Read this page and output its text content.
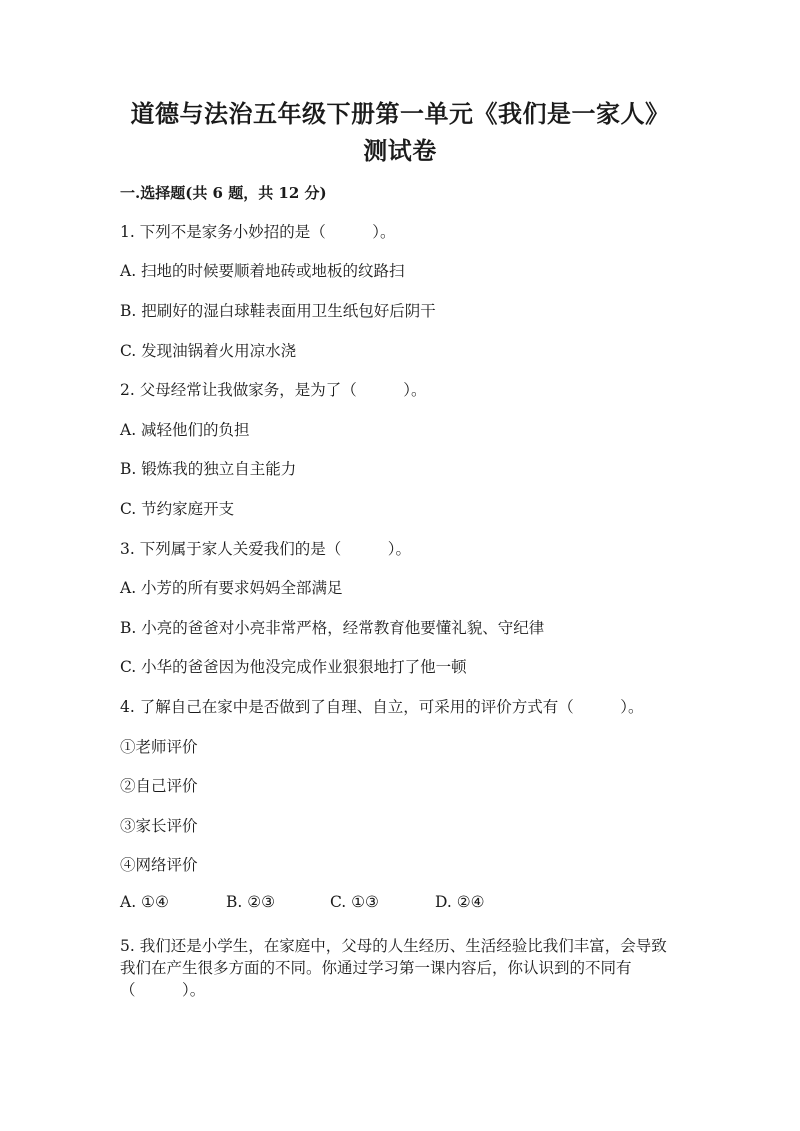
道德与法治五年级下册第一单元《我们是一家人》
测试卷
一.选择题(共 6 题，共 12 分)
1. 下列不是家务小妙招的是（　　　）。
A. 扫地的时候要顺着地砖或地板的纹路扫
B. 把刷好的湿白球鞋表面用卫生纸包好后阴干
C. 发现油锅着火用凉水浇
2. 父母经常让我做家务，是为了（　　　）。
A. 减轻他们的负担
B. 锻炼我的独立自主能力
C. 节约家庭开支
3. 下列属于家人关爱我们的是（　　　）。
A. 小芳的所有要求妈妈全部满足
B. 小亮的爸爸对小亮非常严格，经常教育他要懂礼貌、守纪律
C. 小华的爸爸因为他没完成作业狠狠地打了他一顿
4. 了解自己在家中是否做到了自理、自立，可采用的评价方式有（　　　）。
①老师评价
②自己评价
③家长评价
④网络评价
A. ①④	B. ②③	C. ①③	D. ②④
5. 我们还是小学生，在家庭中，父母的人生经历、生活经验比我们丰富，会导致我们在产生很多方面的不同。你通过学习第一课内容后，你认识到的不同有（　　　）。
